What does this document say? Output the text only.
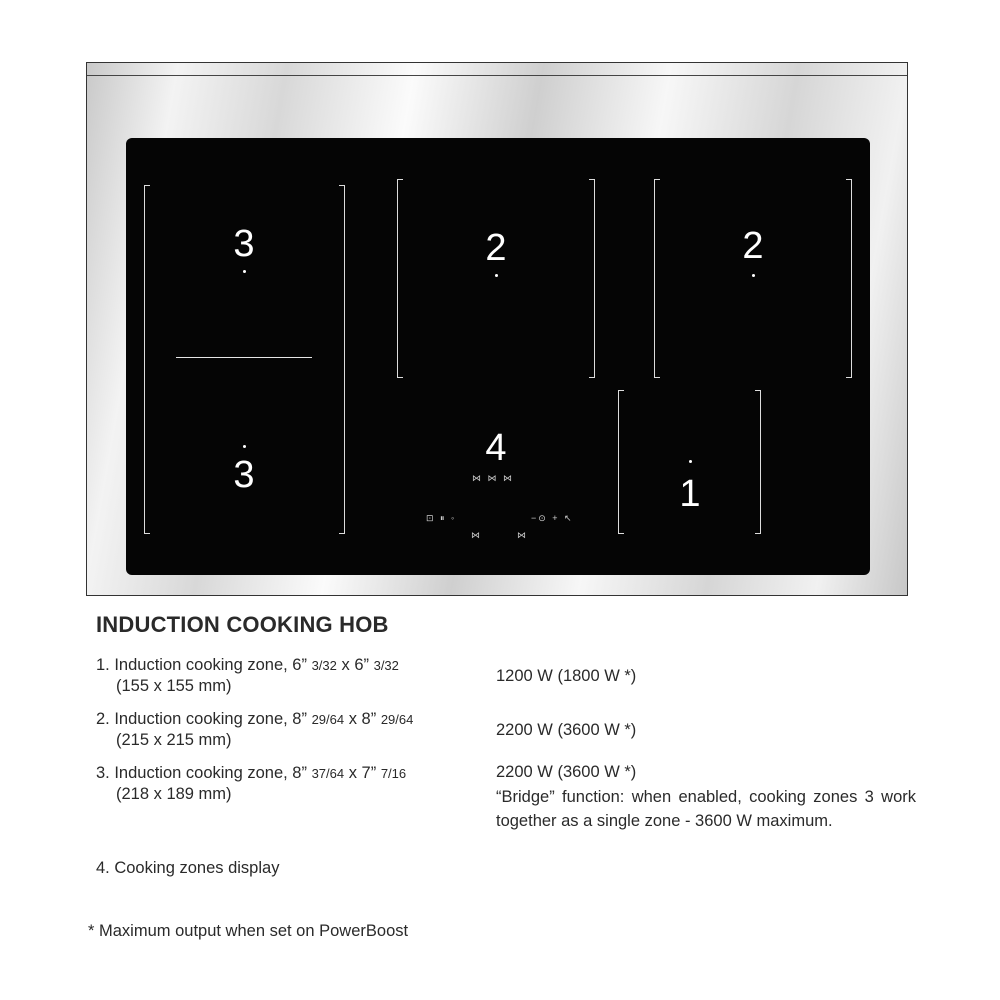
3
3
2	2
1
4
⋈ ⋈ ⋈
⊡ ⏸ ◦	−⊙ + ↖
⋈	⋈
INDUCTION COOKING HOB
1. Induction cooking zone, 6” 3/32 x 6” 3/32
(155 x 155 mm)
1200 W (1800 W *)
2. Induction cooking zone, 8” 29/64 x 8” 29/64
(215 x 215 mm)
2200 W (3600 W *)
3. Induction cooking zone, 8” 37/64 x 7” 7/16
(218 x 189 mm)
2200 W (3600 W *)
“Bridge” function: when enabled, cooking zones 3 work together as a single zone - 3600 W maximum.
4. Cooking zones display
* Maximum output when set on PowerBoost
